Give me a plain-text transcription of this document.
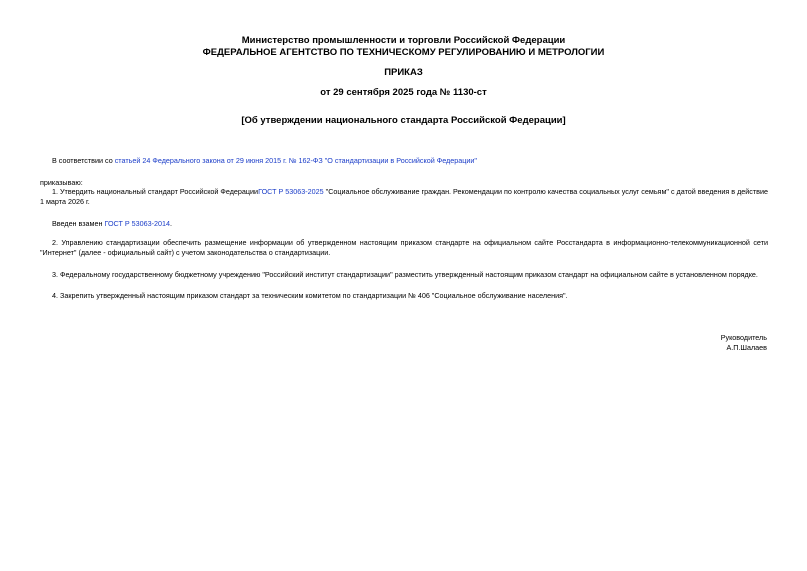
Министерство промышленности и торговли Российской Федерации
ФЕДЕРАЛЬНОЕ АГЕНТСТВО ПО ТЕХНИЧЕСКОМУ РЕГУЛИРОВАНИЮ И МЕТРОЛОГИИ
ПРИКАЗ
от 29 сентября 2025 года № 1130-ст
[Об утверждении национального стандарта Российской Федерации]
В соответствии со статьей 24 Федерального закона от 29 июня 2015 г. № 162-ФЗ "О стандартизации в Российской Федерации"
приказываю:
1. Утвердить национальный стандарт Российской ФедерацииГОСТ Р 53063-2025 "Социальное обслуживание граждан. Рекомендации по контролю качества социальных услуг семьям" с датой введения в действие 1 марта 2026 г.
Введен взамен ГОСТ Р 53063-2014.
2. Управлению стандартизации обеспечить размещение информации об утвержденном настоящим приказом стандарте на официальном сайте Росстандарта в информационно-телекоммуникационной сети "Интернет" (далее - официальный сайт) с учетом законодательства о стандартизации.
3. Федеральному государственному бюджетному учреждению "Российский институт стандартизации" разместить утвержденный настоящим приказом стандарт на официальном сайте в установленном порядке.
4. Закрепить утвержденный настоящим приказом стандарт за техническим комитетом по стандартизации № 406 "Социальное обслуживание населения".
Руководитель
А.П.Шалаев
